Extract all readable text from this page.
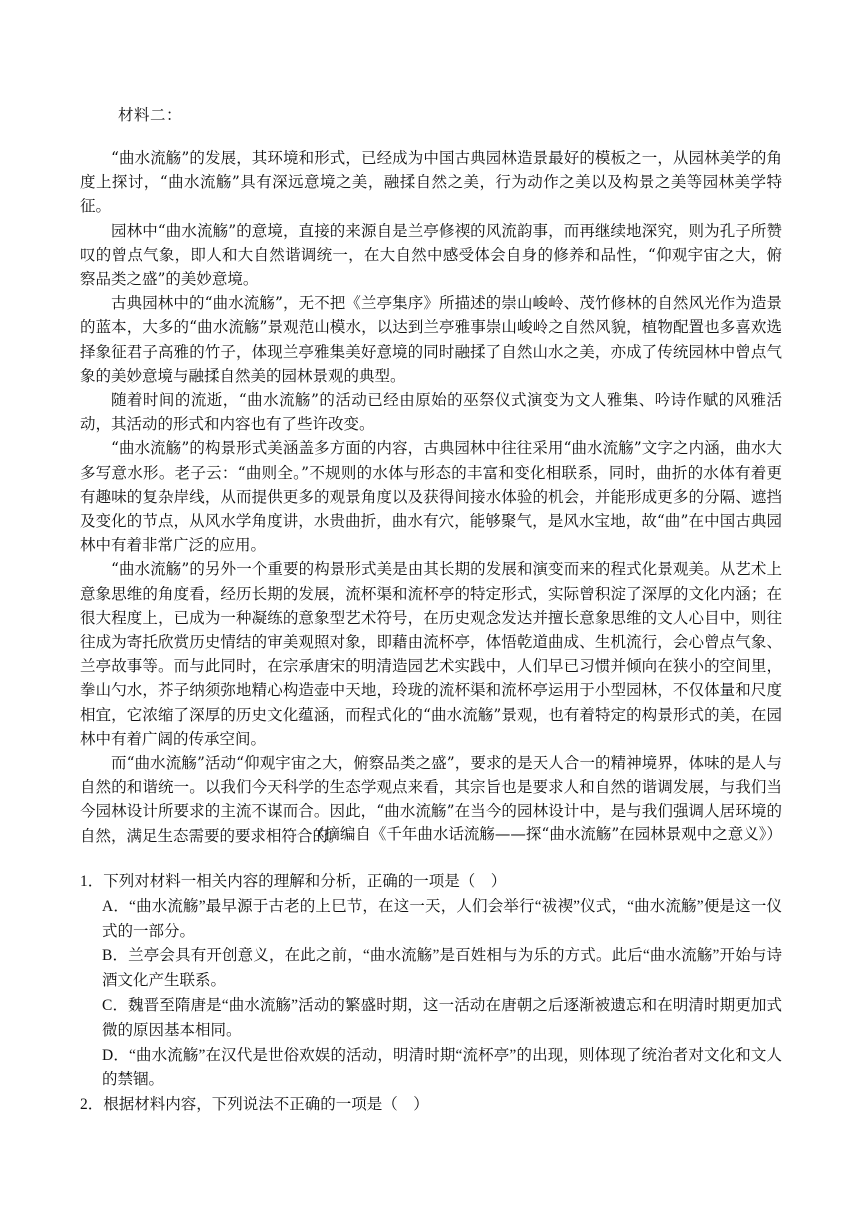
材料二：

“曲水流觞”的发展，其环境和形式，已经成为中国古典园林造景最好的模板之一，从园林美学的角度上探讨，“曲水流觞”具有深远意境之美，融揉自然之美，行为动作之美以及构景之美等园林美学特征。

园林中“曲水流觞”的意境，直接的来源自是兰亭修禊的风流韵事，而再继续地深究，则为孔子所赞叹的曾点气象，即人和大自然谐调统一，在大自然中感受体会自身的修养和品性，“仰观宇宙之大，俯察品类之盛”的美妙意境。

古典园林中的“曲水流觞”，无不把《兰亭集序》所描述的崇山峻岭、茂竹修林的自然风光作为造景的蓝本，大多的“曲水流觞”景观范山模水，以达到兰亭雅事崇山峻岭之自然风貌，植物配置也多喜欢选择象征君子高雅的竹子，体现兰亭雅集美好意境的同时融揉了自然山水之美，亦成了传统园林中曾点气象的美妙意境与融揉自然美的园林景观的典型。

随着时间的流逝，“曲水流觞”的活动已经由原始的巫祭仪式演变为文人雅集、吟诗作赋的风雅活动，其活动的形式和内容也有了些许改变。

“曲水流觞”的构景形式美涵盖多方面的内容，古典园林中往往采用“曲水流觞”文字之内涵，曲水大多写意水形。老子云：“曲则全。”不规则的水体与形态的丰富和变化相联系，同时，曲折的水体有着更有趣味的复杂岸线，从而提供更多的观景角度以及获得间接水体验的机会，并能形成更多的分隔、遮挡及变化的节点，从风水学角度讲，水贵曲折，曲水有穴，能够聚气，是风水宝地，故“曲”在中国古典园林中有着非常广泛的应用。

“曲水流觞”的另外一个重要的构景形式美是由其长期的发展和演变而来的程式化景观美。从艺术上意象思维的角度看，经历长期的发展，流杯渠和流杯亭的特定形式，实际曾积淀了深厚的文化内涵；在很大程度上，已成为一种凝练的意象型艺术符号，在历史观念发达并擅长意象思维的文人心目中，则往往成为寄托欣赏历史情结的审美观照对象，即藉由流杯亭，体悟乾道曲成、生机流行，会心曾点气象、兰亭故事等。而与此同时，在宗承唐宋的明清造园艺术实践中，人们早已习惯并倾向在狭小的空间里，拳山勺水，芥子纳须弥地精心构造壶中天地，玲珑的流杯渠和流杯亭运用于小型园林，不仅体量和尺度相宜，它浓缩了深厚的历史文化蕴涵，而程式化的“曲水流觞”景观，也有着特定的构景形式的美，在园林中有着广阔的传承空间。

而“曲水流觞”活动“仰观宇宙之大，俯察品类之盛”，要求的是天人合一的精神境界，体味的是人与自然的和谐统一。以我们今天科学的生态学观点来看，其宗旨也是要求人和自然的谐调发展，与我们当今园林设计所要求的主流不谋而合。因此，“曲水流觞”在当今的园林设计中，是与我们强调人居环境的自然，满足生态需要的要求相符合的。

（摘编自《千年曲水话流觞——探“曲水流觞”在园林景观中之意义》）

1．下列对材料一相关内容的理解和分析，正确的一项是（　）

A．“曲水流觞”最早源于古老的上巳节，在这一天，人们会举行“祓禊”仪式，“曲水流觞”便是这一仪式的一部分。

B．兰亭会具有开创意义，在此之前，“曲水流觞”是百姓相与为乐的方式。此后“曲水流觞”开始与诗酒文化产生联系。

C．魏晋至隋唐是“曲水流觞”活动的繁盛时期，这一活动在唐朝之后逐渐被遗忘和在明清时期更加式微的原因基本相同。

D．“曲水流觞”在汉代是世俗欢娱的活动，明清时期“流杯亭”的出现，则体现了统治者对文化和文人的禁锢。

2．根据材料内容，下列说法不正确的一项是（　）
